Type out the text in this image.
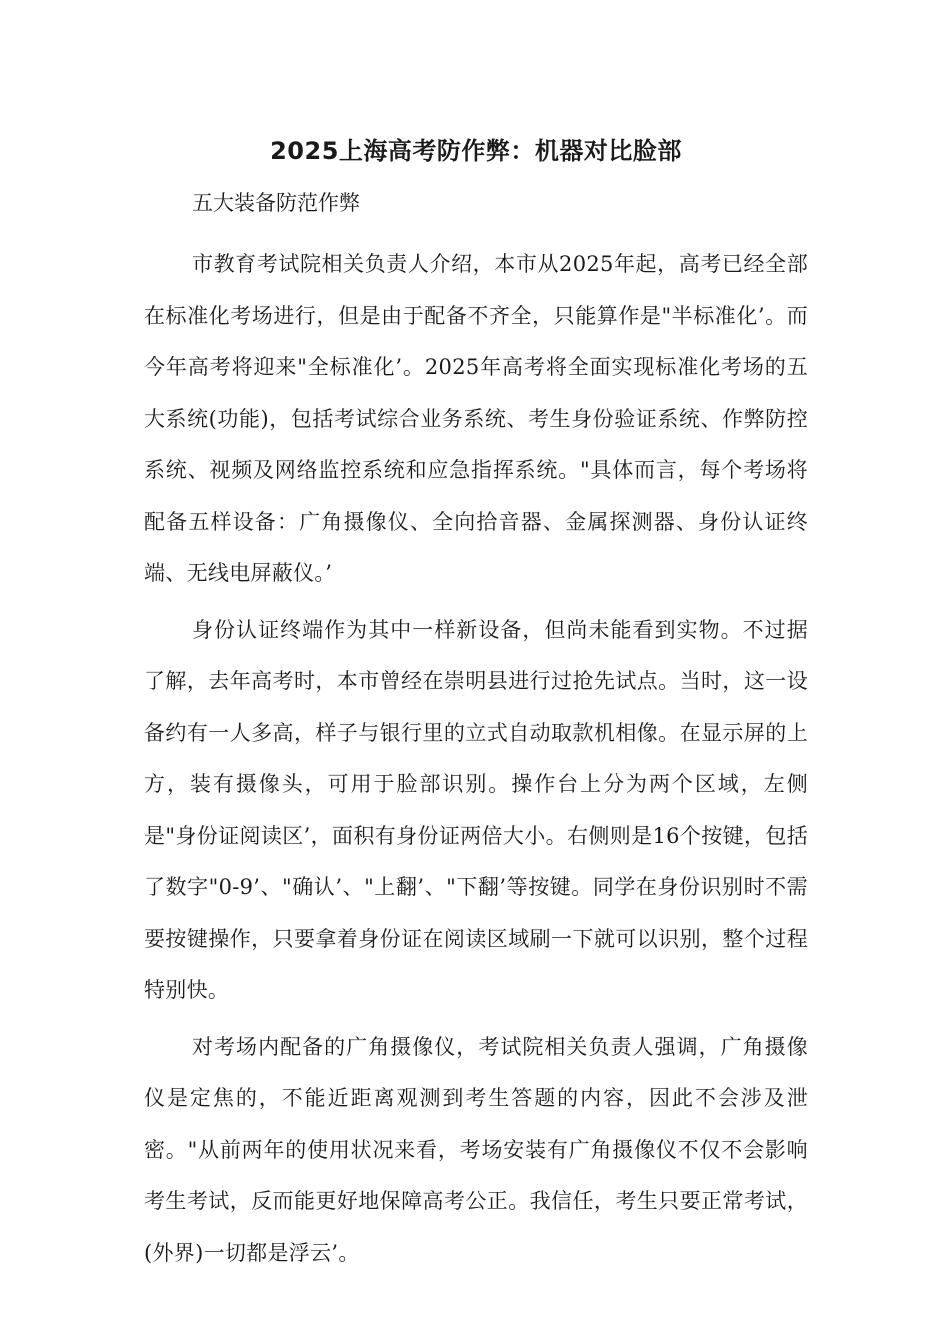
2025上海高考防作弊：机器对比脸部

五大装备防范作弊

市教育考试院相关负责人介绍，本市从2025年起，高考已经全部在标准化考场进行，但是由于配备不齐全，只能算作是"半标准化’。而今年高考将迎来"全标准化’。2025年高考将全面实现标准化考场的五大系统(功能)，包括考试综合业务系统、考生身份验证系统、作弊防控系统、视频及网络监控系统和应急指挥系统。"具体而言，每个考场将配备五样设备：广角摄像仪、全向拾音器、金属探测器、身份认证终端、无线电屏蔽仪。’

身份认证终端作为其中一样新设备，但尚未能看到实物。不过据了解，去年高考时，本市曾经在崇明县进行过抢先试点。当时，这一设备约有一人多高，样子与银行里的立式自动取款机相像。在显示屏的上方，装有摄像头，可用于脸部识别。操作台上分为两个区域，左侧是"身份证阅读区’，面积有身份证两倍大小。右侧则是16个按键，包括了数字"0-9’、"确认’、"上翻’、"下翻’等按键。同学在身份识别时不需要按键操作，只要拿着身份证在阅读区域刷一下就可以识别，整个过程特别快。

对考场内配备的广角摄像仪，考试院相关负责人强调，广角摄像仪是定焦的，不能近距离观测到考生答题的内容，因此不会涉及泄密。"从前两年的使用状况来看，考场安装有广角摄像仪不仅不会影响考生考试，反而能更好地保障高考公正。我信任，考生只要正常考试，(外界)一切都是浮云’。
